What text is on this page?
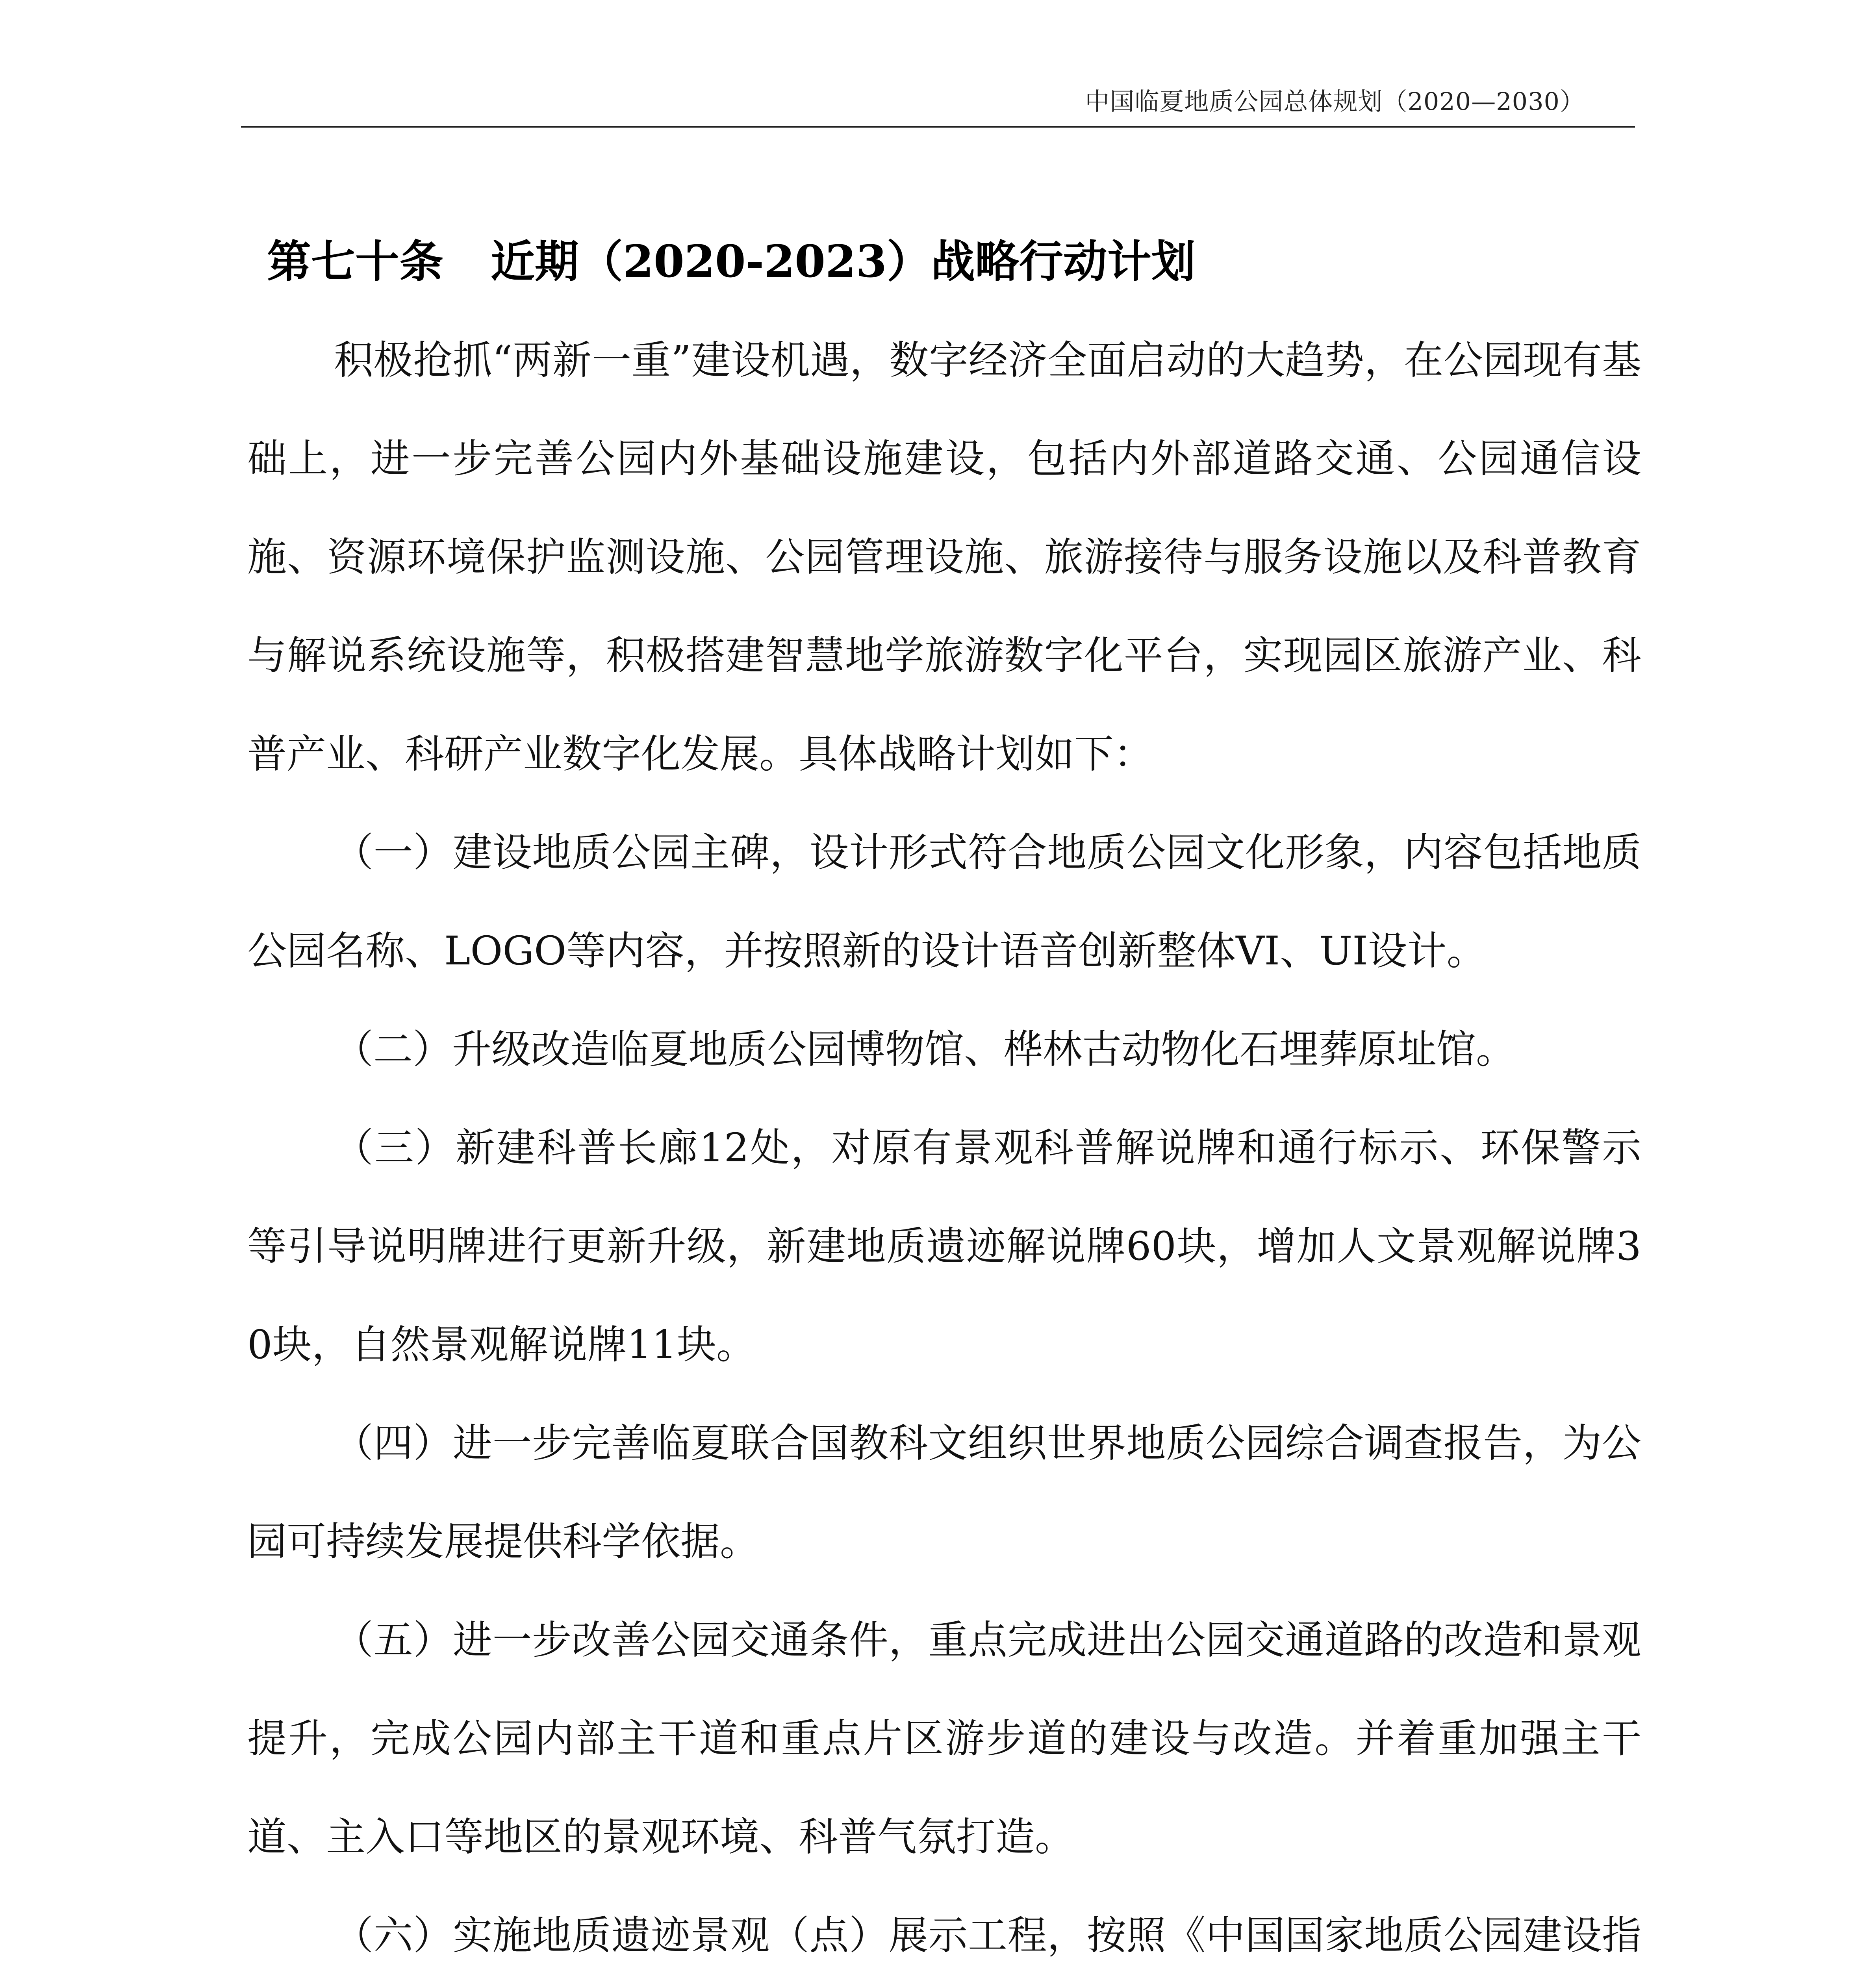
中国临夏地质公园总体规划（2020—2030）
第七十条 近期（2020-2023）战略行动计划

积极抢抓“两新一重”建设机遇，数字经济全面启动的大趋势，在公园现有基础上，进一步完善公园内外基础设施建设，包括内外部道路交通、公园通信设施、资源环境保护监测设施、公园管理设施、旅游接待与服务设施以及科普教育与解说系统设施等，积极搭建智慧地学旅游数字化平台，实现园区旅游产业、科普产业、科研产业数字化发展。具体战略计划如下：

（一）建设地质公园主碑，设计形式符合地质公园文化形象，内容包括地质公园名称、LOGO等内容，并按照新的设计语音创新整体VI、UI设计。

（二）升级改造临夏地质公园博物馆、桦林古动物化石埋葬原址馆。

（三）新建科普长廊12处，对原有景观科普解说牌和通行标示、环保警示等引导说明牌进行更新升级，新建地质遗迹解说牌60块，增加人文景观解说牌30块，自然景观解说牌11块。

（四）进一步完善临夏联合国教科文组织世界地质公园综合调查报告，为公园可持续发展提供科学依据。

（五）进一步改善公园交通条件，重点完成进出公园交通道路的改造和景观提升，完成公园内部主干道和重点片区游步道的建设与改造。并着重加强主干道、主入口等地区的景观环境、科普气氛打造。

（六）实施地质遗迹景观（点）展示工程，按照《中国国家地质公园建设指
